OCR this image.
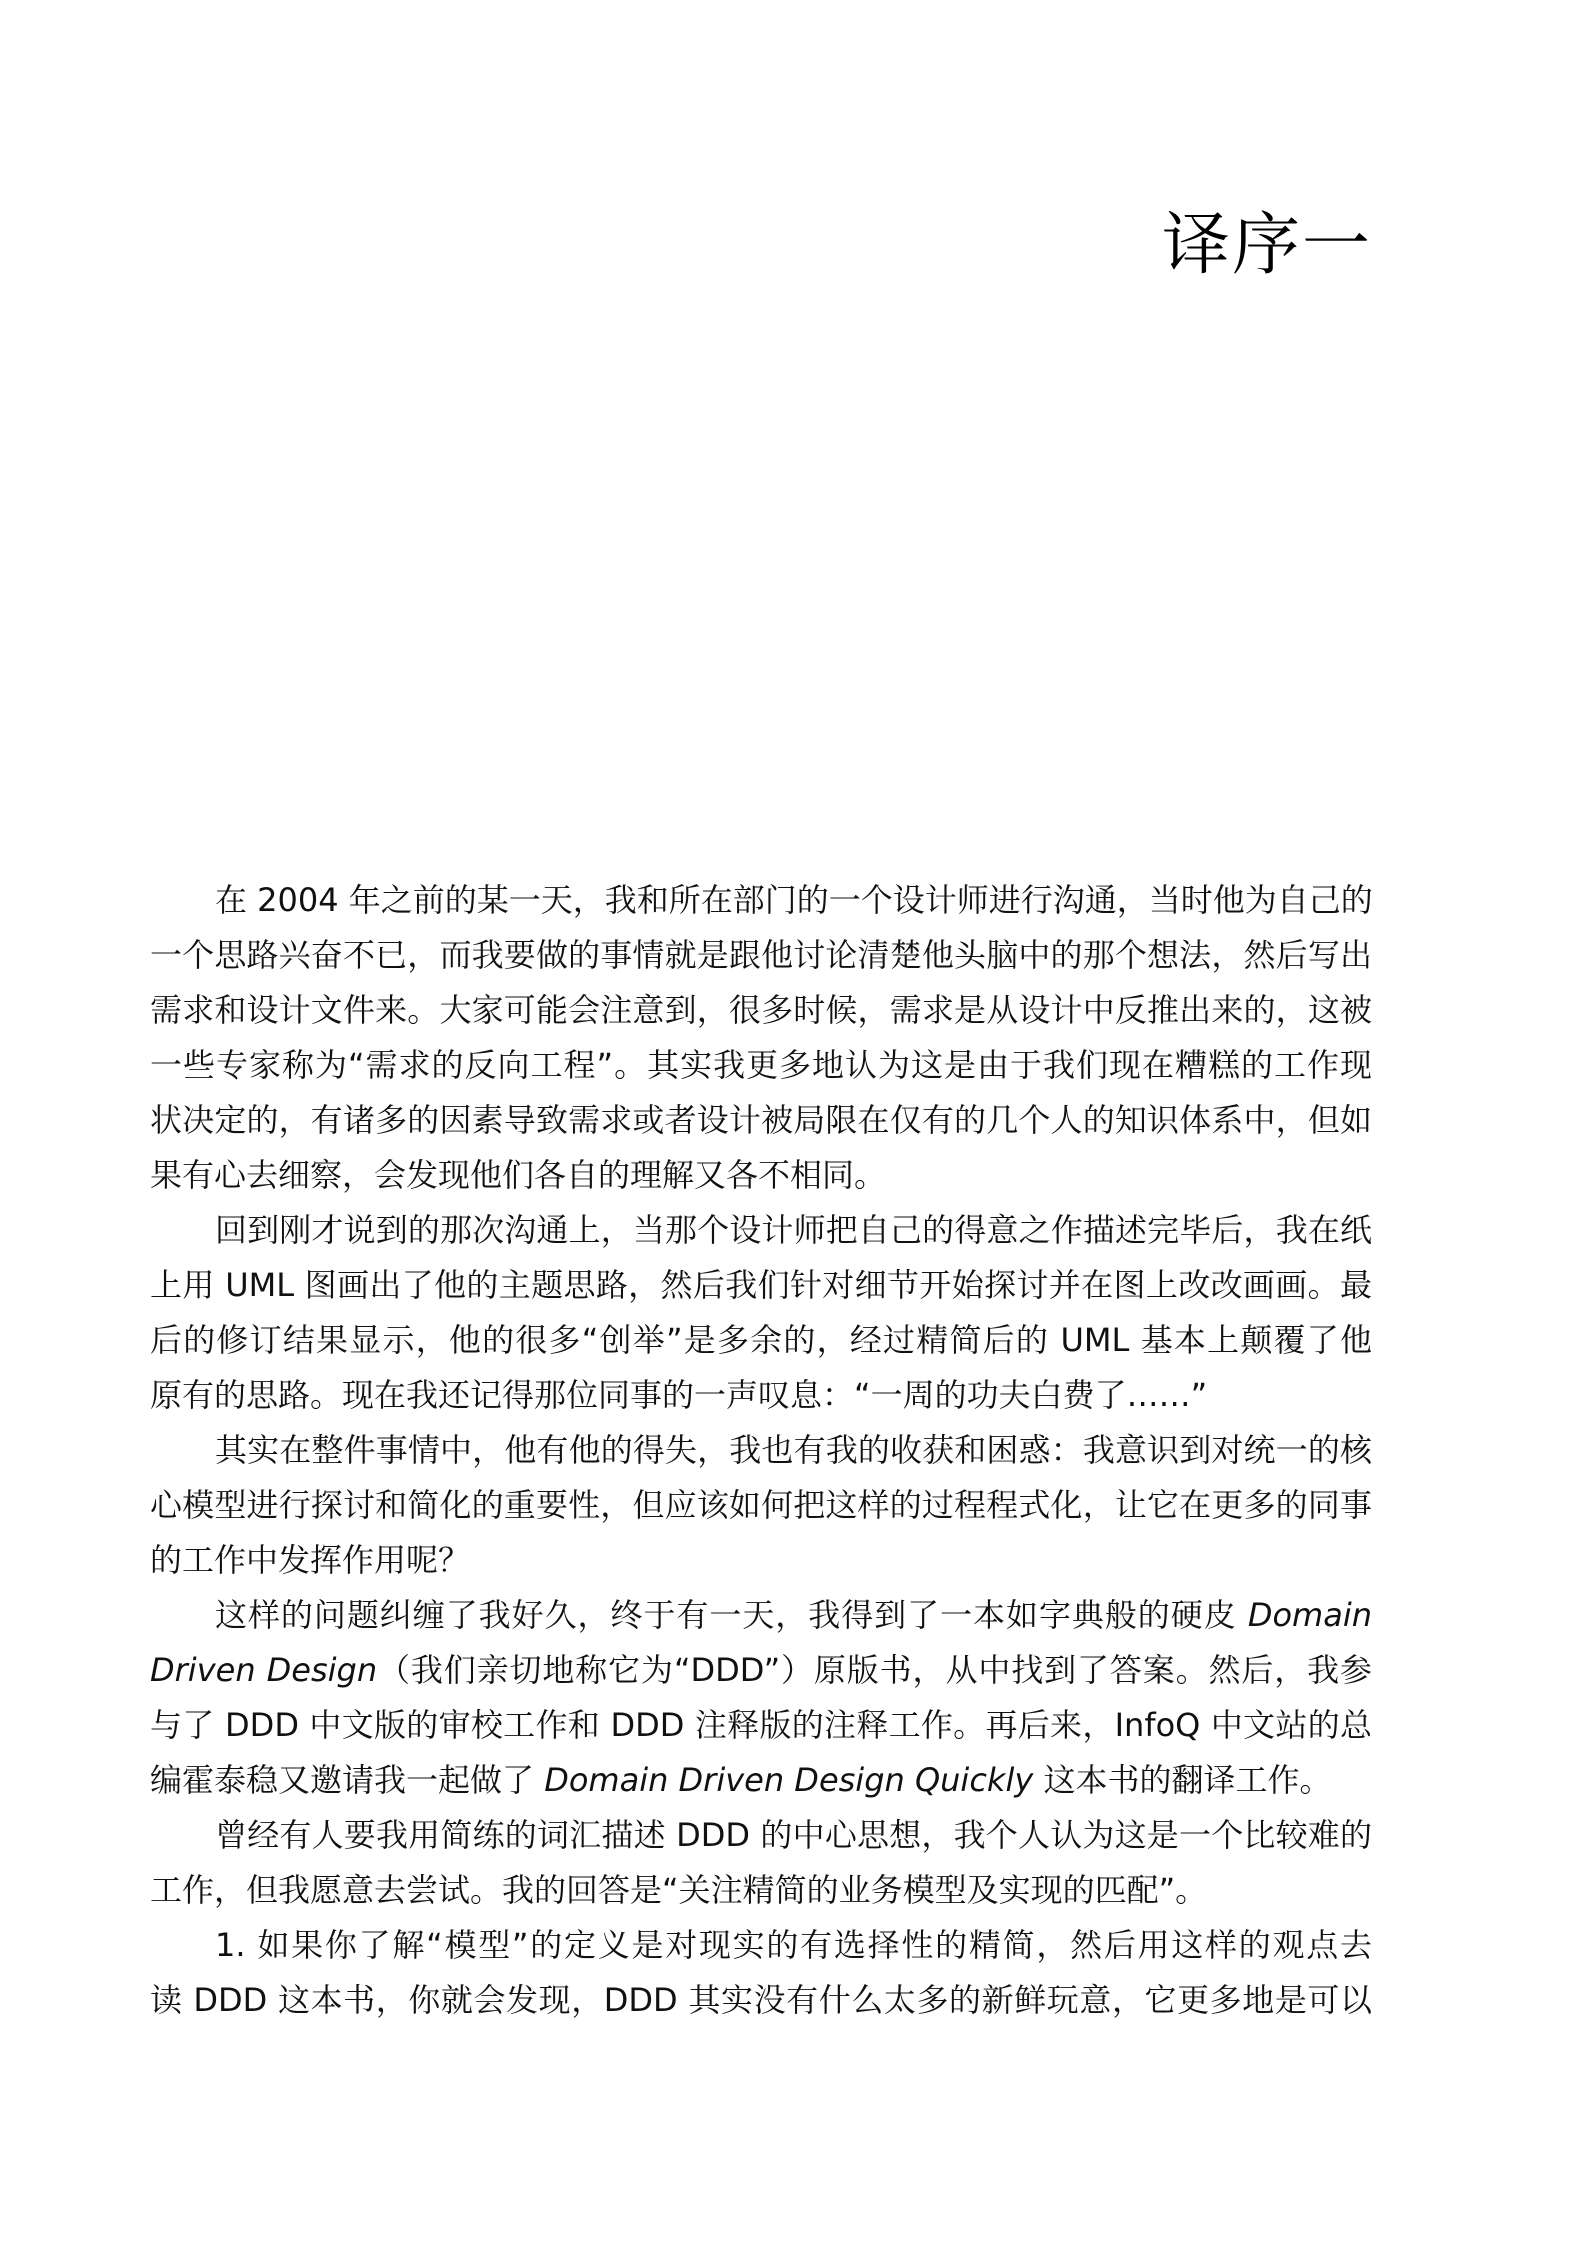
译序一
在 2004 年之前的某一天，我和所在部门的一个设计师进行沟通，当时他为自己的
一个思路兴奋不已，而我要做的事情就是跟他讨论清楚他头脑中的那个想法，然后写出
需求和设计文件来。大家可能会注意到，很多时候，需求是从设计中反推出来的，这被
一些专家称为“需求的反向工程”。其实我更多地认为这是由于我们现在糟糕的工作现
状决定的，有诸多的因素导致需求或者设计被局限在仅有的几个人的知识体系中，但如
果有心去细察，会发现他们各自的理解又各不相同。
回到刚才说到的那次沟通上，当那个设计师把自己的得意之作描述完毕后，我在纸
上用 UML 图画出了他的主题思路，然后我们针对细节开始探讨并在图上改改画画。最
后的修订结果显示，他的很多“创举”是多余的，经过精简后的 UML 基本上颠覆了他
原有的思路。现在我还记得那位同事的一声叹息：“一周的功夫白费了……”
其实在整件事情中，他有他的得失，我也有我的收获和困惑：我意识到对统一的核
心模型进行探讨和简化的重要性，但应该如何把这样的过程程式化，让它在更多的同事
的工作中发挥作用呢？
这样的问题纠缠了我好久，终于有一天，我得到了一本如字典般的硬皮 Domain
Driven Design（我们亲切地称它为“DDD”）原版书，从中找到了答案。然后，我参
与了 DDD 中文版的审校工作和 DDD 注释版的注释工作。再后来，InfoQ 中文站的总
编霍泰稳又邀请我一起做了 Domain Driven Design Quickly 这本书的翻译工作。
曾经有人要我用简练的词汇描述 DDD 的中心思想，我个人认为这是一个比较难的
工作，但我愿意去尝试。我的回答是“关注精简的业务模型及实现的匹配”。
1. 如果你了解“模型”的定义是对现实的有选择性的精简，然后用这样的观点去
读 DDD 这本书，你就会发现，DDD 其实没有什么太多的新鲜玩意，它更多地是可以
